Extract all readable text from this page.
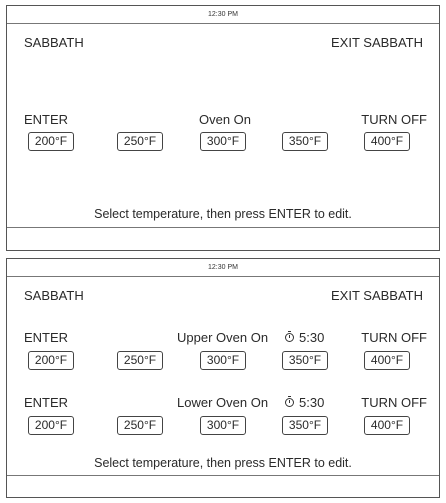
12:30 PM
SABBATH	EXIT SABBATH
ENTER	Oven On	TURN OFF
200°F	250°F	300°F	350°F	400°F
Select temperature, then press ENTER to edit.
12:30 PM
SABBATH	EXIT SABBATH
ENTER	Upper Oven On	5:30	TURN OFF
200°F	250°F	300°F	350°F	400°F
ENTER	Lower Oven On	5:30	TURN OFF
200°F	250°F	300°F	350°F	400°F
Select temperature, then press ENTER to edit.
